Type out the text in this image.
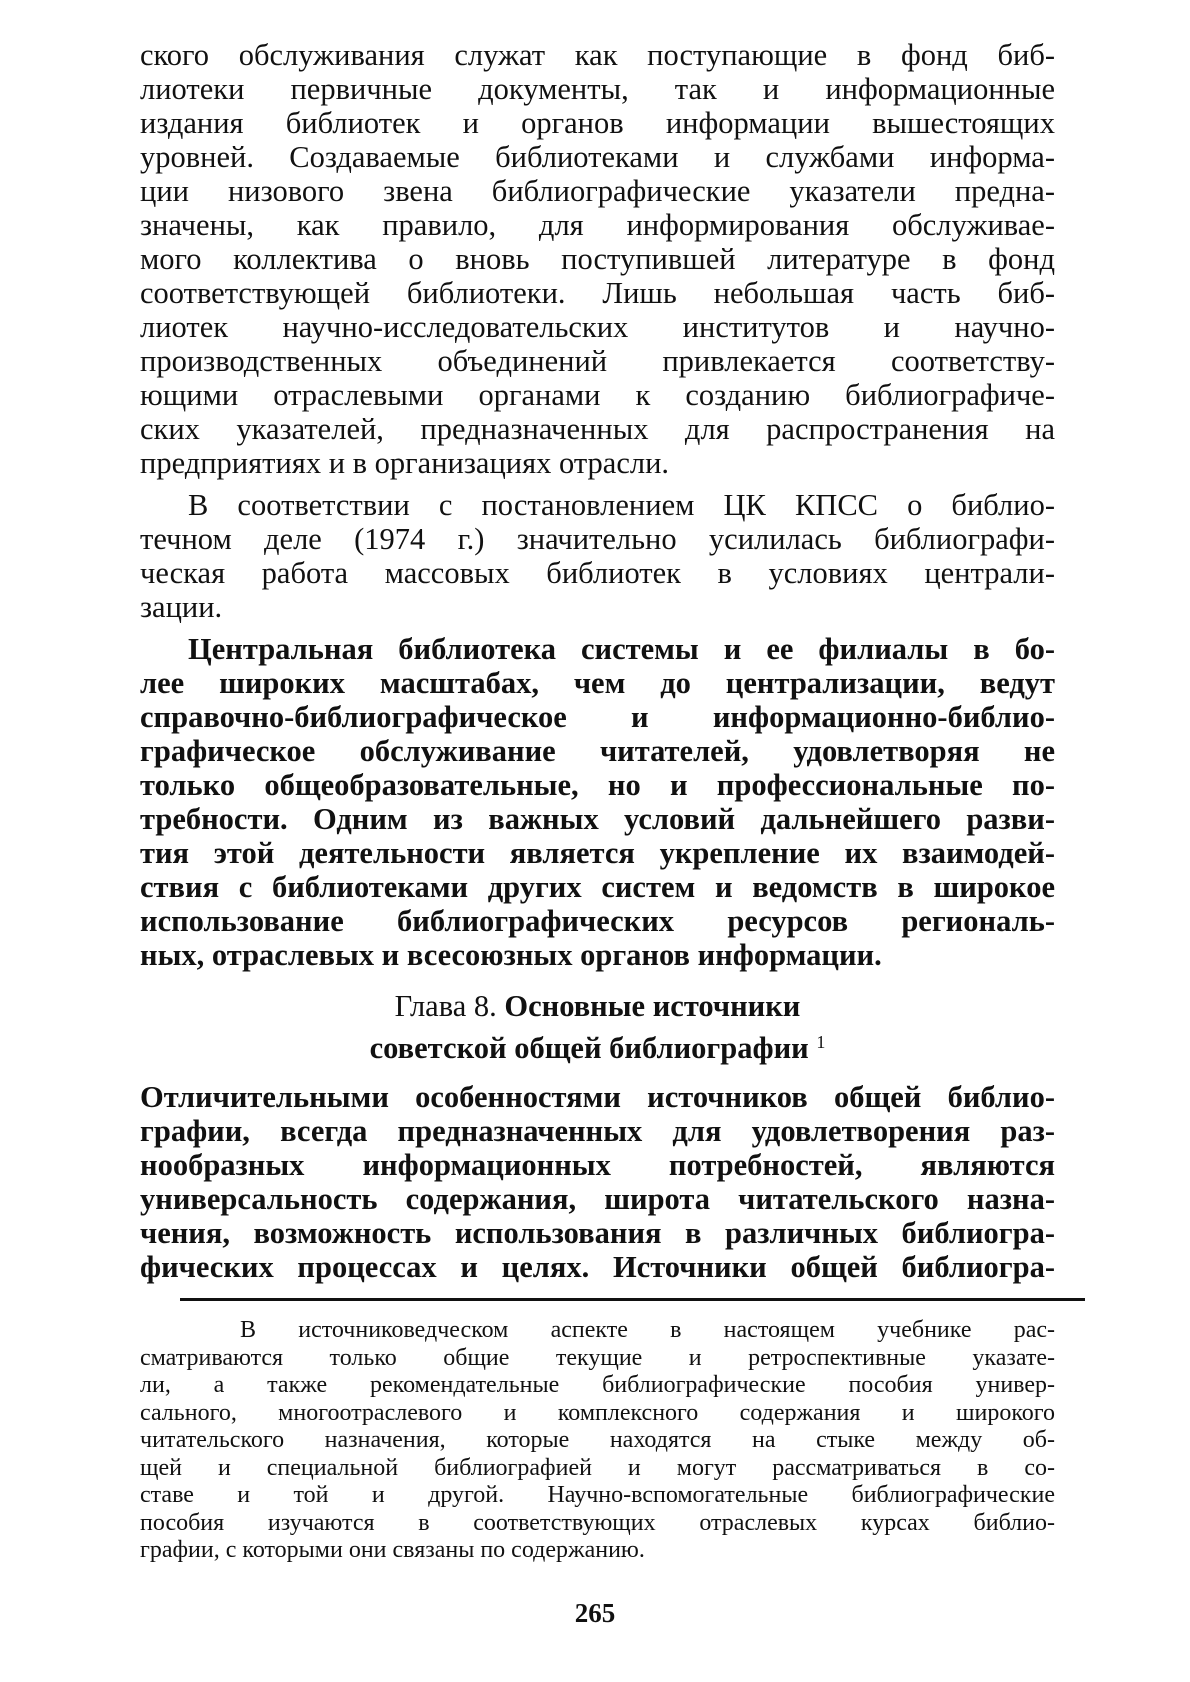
ского обслуживания служат как поступающие в фонд биб-
лиотеки первичные документы, так и информационные
издания библиотек и органов информации вышестоящих
уровней. Создаваемые библиотеками и службами информа-
ции низового звена библиографические указатели предна-
значены, как правило, для информирования обслуживае-
мого коллектива о вновь поступившей литературе в фонд
соответствующей библиотеки. Лишь небольшая часть биб-
лиотек научно-исследовательских институтов и научно-
производственных объединений привлекается соответству-
ющими отраслевыми органами к созданию библиографиче-
ских указателей, предназначенных для распространения на
предприятиях и в организациях отрасли.
В соответствии с постановлением ЦК КПСС о библио-
течном деле (1974 г.) значительно усилилась библиографи-
ческая работа массовых библиотек в условиях централи-
зации.
Центральная библиотека системы и ее филиалы в бо-
лее широких масштабах, чем до централизации, ведут
справочно-библиографическое и информационно-библио-
графическое обслуживание читателей, удовлетворяя не
только общеобразовательные, но и профессиональные по-
требности. Одним из важных условий дальнейшего разви-
тия этой деятельности является укрепление их взаимодей-
ствия с библиотеками других систем и ведомств в широкое
использование библиографических ресурсов региональ-
ных, отраслевых и всесоюзных органов информации.
Глава 8. Основные источники
советской общей библиографии $^1$
Отличительными особенностями источников общей библио-
графии, всегда предназначенных для удовлетворения раз-
нообразных информационных потребностей, являются
универсальность содержания, широта читательского назна-
чения, возможность использования в различных библиогра-
фических процессах и целях. Источники общей библиогра-
В источниковедческом аспекте в настоящем учебнике рас-
сматриваются только общие текущие и ретроспективные указате-
ли, а также рекомендательные библиографические пособия универ-
сального, многоотраслевого и комплексного содержания и широкого
читательского назначения, которые находятся на стыке между об-
щей и специальной библиографией и могут рассматриваться в со-
ставе и той и другой. Научно-вспомогательные библиографические
пособия изучаются в соответствующих отраслевых курсах библио-
графии, с которыми они связаны по содержанию.
265
